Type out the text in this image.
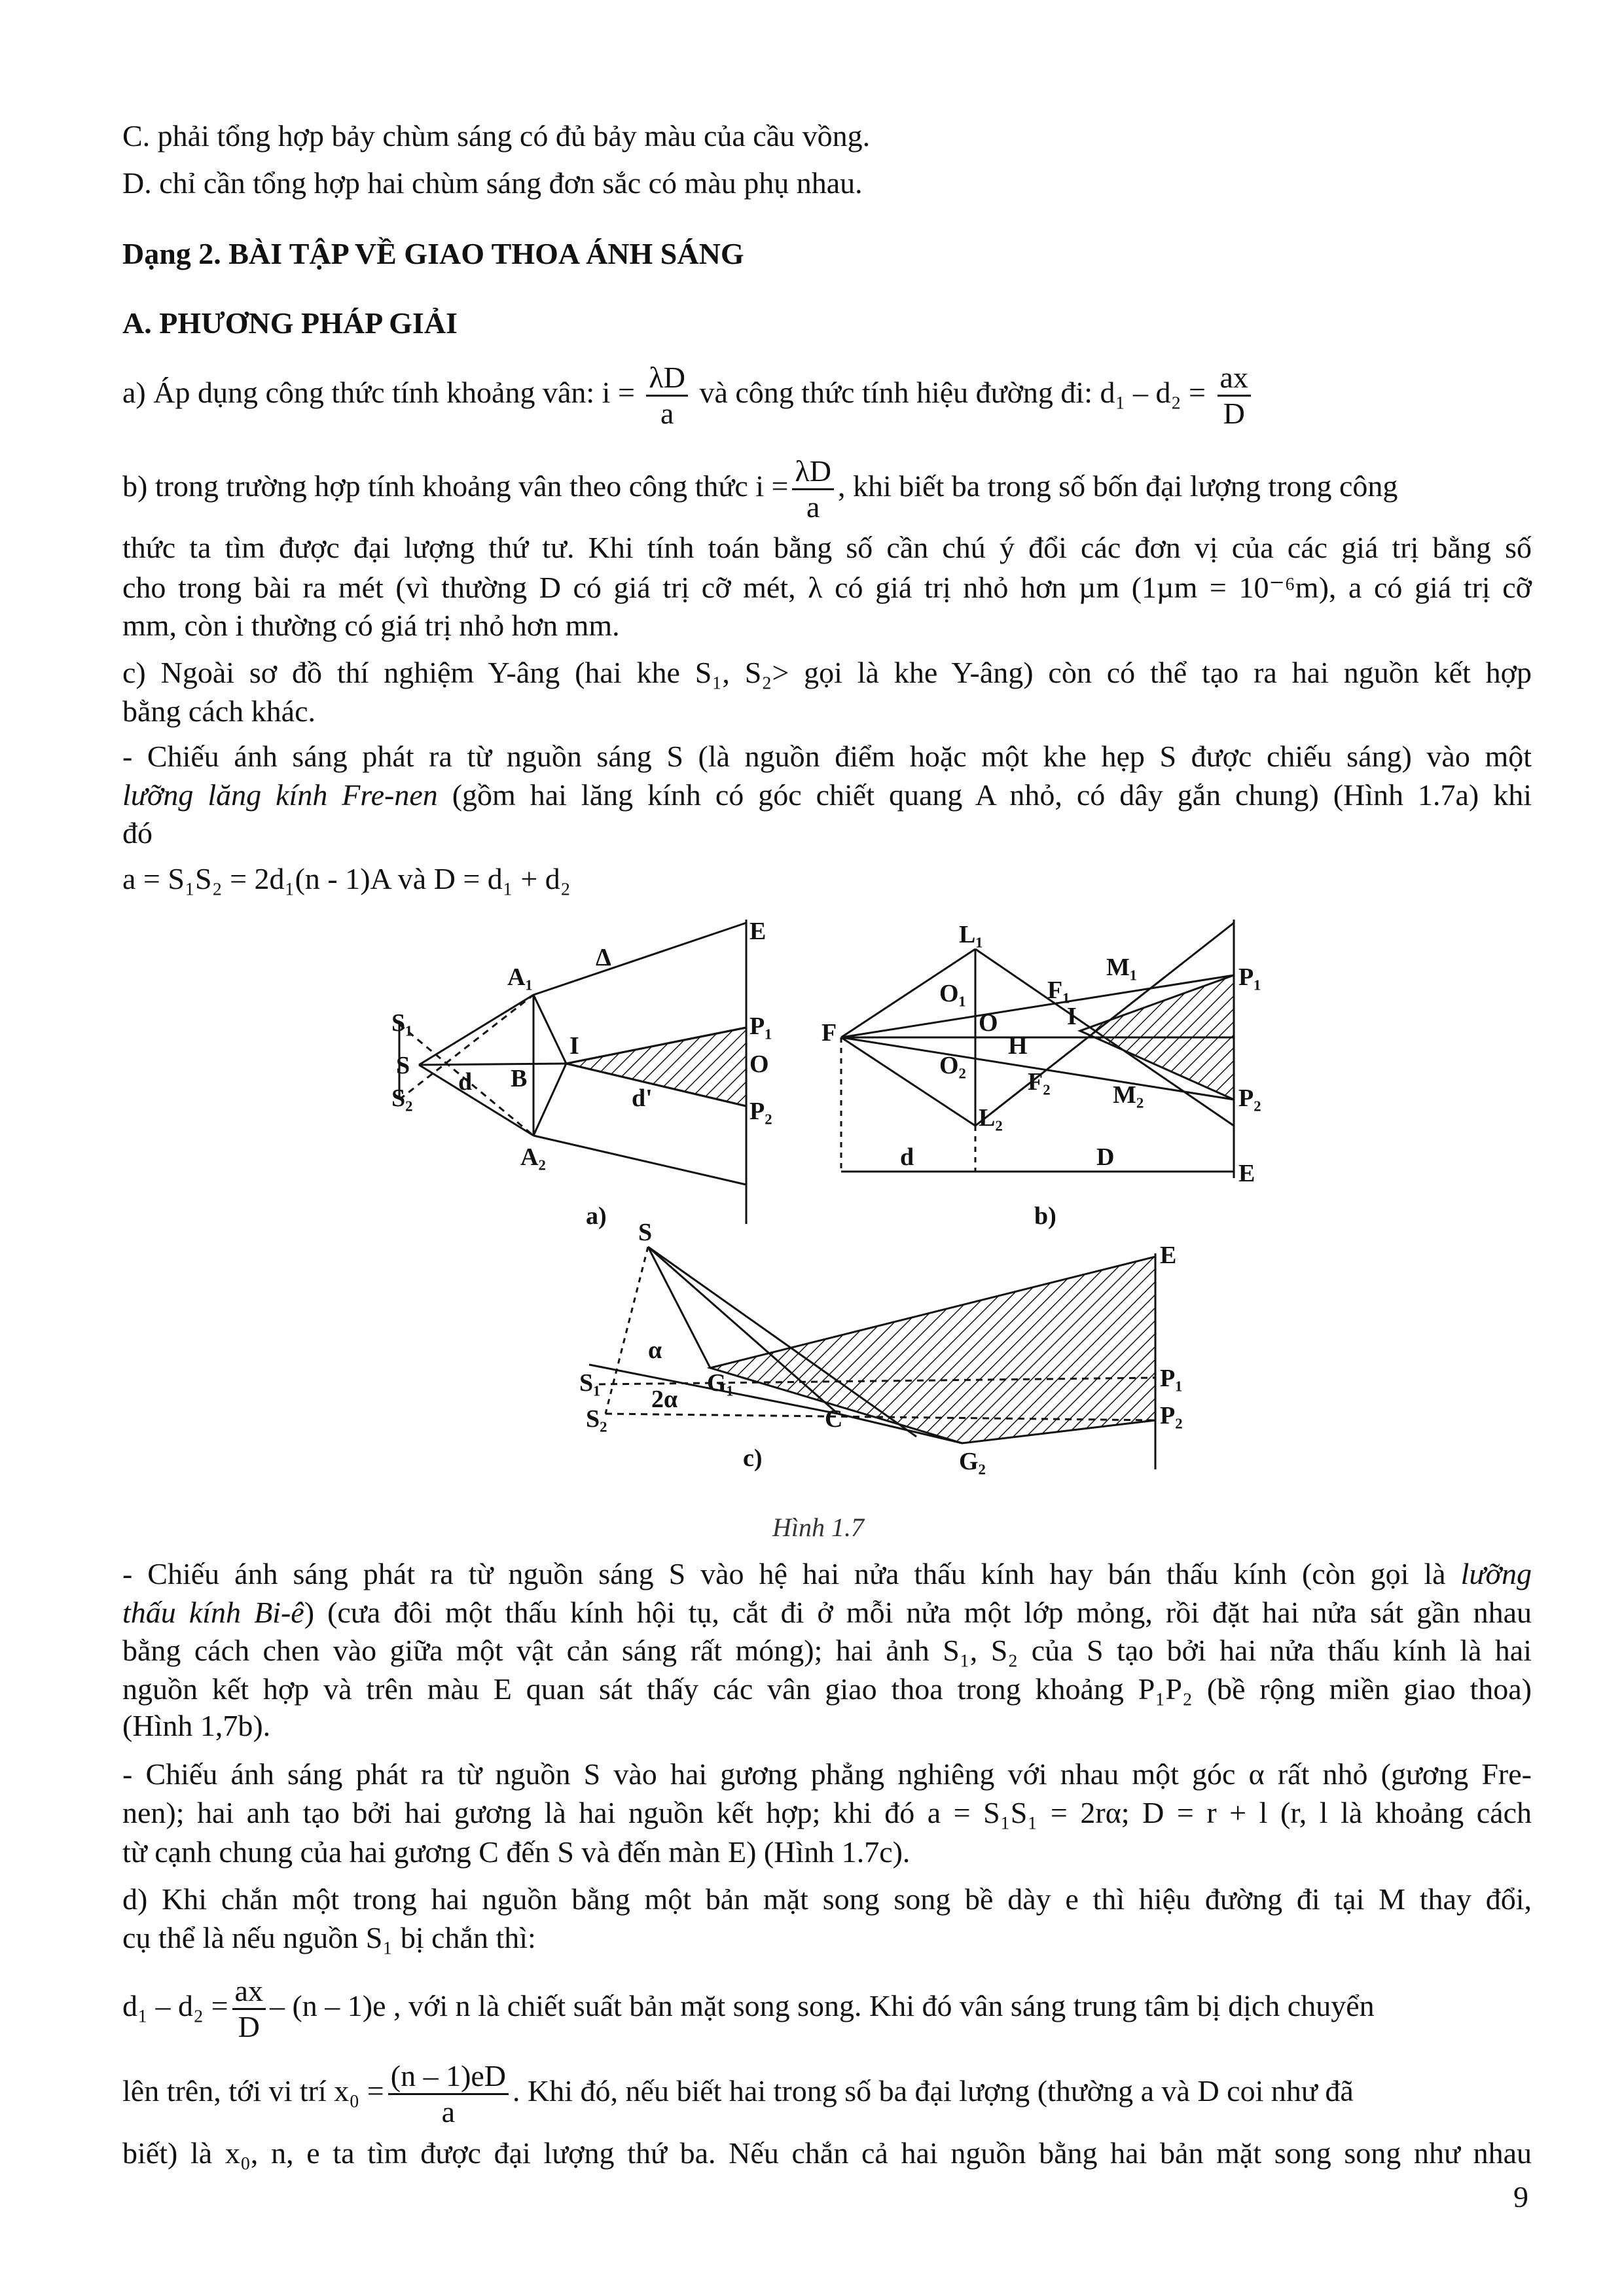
C. phải tổng hợp bảy chùm sáng có đủ bảy màu của cầu vồng.
D. chỉ cần tổng hợp hai chùm sáng đơn sắc có màu phụ nhau.
Dạng 2. BÀI TẬP VỀ GIAO THOA ÁNH SÁNG
A. PHƯƠNG PHÁP GIẢI
a) Áp dụng công thức tính khoảng vân: $i = \frac{\lambda D}{a}$ và công thức tính hiệu đường đi: $d_1 - d_2 = \frac{ax}{D}$
b) trong trường hợp tính khoảng vân theo công thức $i = \frac{\lambda D}{a}$ , khi biết ba trong số bốn đại lượng trong công
thức ta tìm được đại lượng thứ tư. Khi tính toán bằng số cần chú ý đổi các đơn vị của các giá trị bằng số
cho trong bài ra mét (vì thường D có giá trị cỡ mét, λ có giá trị nhỏ hơn µm (1µm = 10⁻⁶m), a có giá trị cỡ
mm, còn i thường có giá trị nhỏ hơn mm.
c) Ngoài sơ đồ thí nghiệm Y-âng (hai khe S₁, S₂> gọi là khe Y-âng) còn có thể tạo ra hai nguồn kết hợp
bằng cách khác.
- Chiếu ánh sáng phát ra từ nguồn sáng S (là nguồn điểm hoặc một khe hẹp S được chiếu sáng) vào một
lưỡng lăng kính Fre-nen (gồm hai lăng kính có góc chiết quang A nhỏ, có dây gắn chung) (Hình 1.7a) khi
đó
a = S₁S₂ = 2d₁(n - 1)A và D = d₁ + d₂
E
A₁
Δ
S₁
S
S₂
d B
I
d'
P₁
O
P₂
A₂
a)
L₁
O₁	F₁
M₁	P₁
F	O	I
H
O₂
F₂	M₂	P₂
L₂
d	D
E
b)
S
E
α
S₁	G₁
2α
S₂	C
P₁
P₂
G₂
c)
Hình 1.7
- Chiếu ánh sáng phát ra từ nguồn sáng S vào hệ hai nửa thấu kính hay bán thấu kính (còn gọi là lưỡng
thấu kính Bi-ê) (cưa đôi một thấu kính hội tụ, cắt đi ở mỗi nửa một lớp mỏng, rồi đặt hai nửa sát gần nhau
bằng cách chen vào giữa một vật cản sáng rất móng); hai ảnh S₁, S₂ của S tạo bởi hai nửa thấu kính là hai
nguồn kết hợp và trên màu E quan sát thấy các vân giao thoa trong khoảng P₁P₂ (bề rộng miền giao thoa)
(Hình 1,7b).
- Chiếu ánh sáng phát ra từ nguồn S vào hai gương phẳng nghiêng với nhau một góc α rất nhỏ (gương Fre-
nen); hai anh tạo bởi hai gương là hai nguồn kết hợp; khi đó a = S₁S₁ = 2rα; D = r + l (r, l là khoảng cách
từ cạnh chung của hai gương C đến S và đến màn E) (Hình 1.7c).
d) Khi chắn một trong hai nguồn bằng một bản mặt song song bề dày e thì hiệu đường đi tại M thay đổi,
cụ thể là nếu nguồn S₁ bị chắn thì:
$d_1 - d_2 = \frac{ax}{D} - (n - 1)e$ , với n là chiết suất bản mặt song song. Khi đó vân sáng trung tâm bị dịch chuyển
lên trên, tới vi trí $x_0 = \frac{(n - 1)eD}{a}$ . Khi đó, nếu biết hai trong số ba đại lượng (thường a và D coi như đã
biết) là x₀, n, e ta tìm được đại lượng thứ ba. Nếu chắn cả hai nguồn bằng hai bản mặt song song như nhau
9
